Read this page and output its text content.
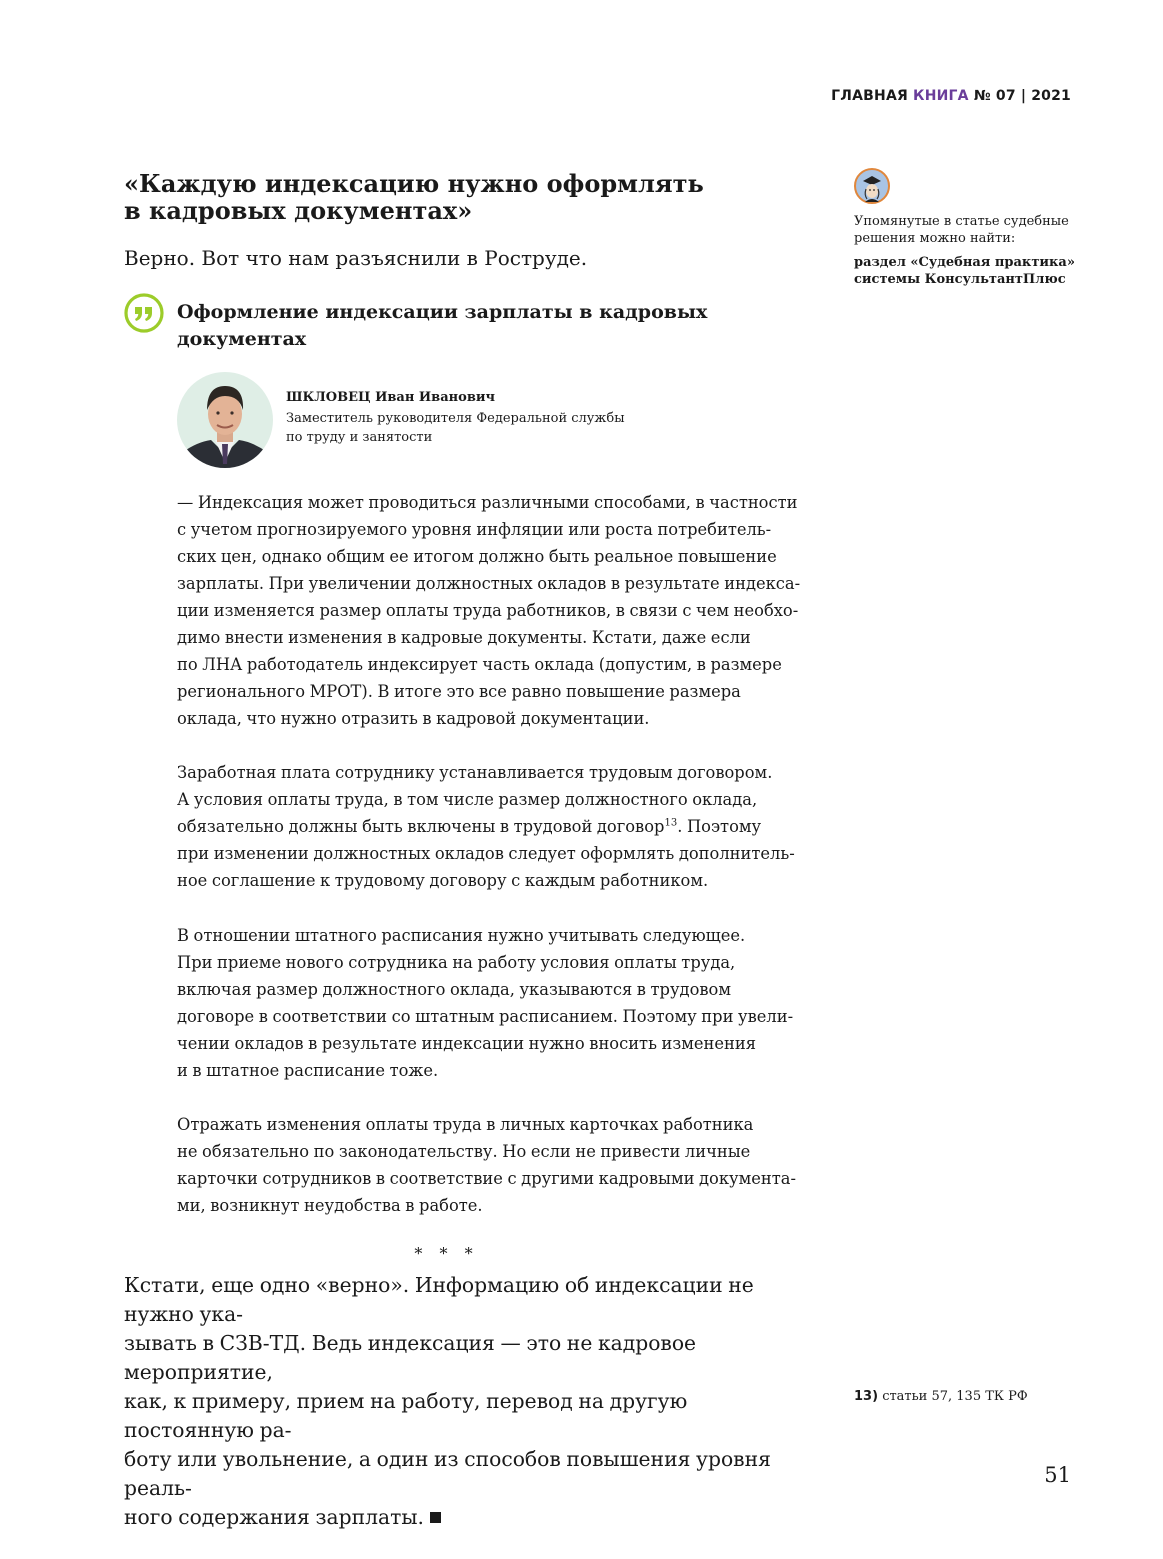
ГЛАВНАЯ КНИГА № 07 | 2021
«Каждую индексацию нужно оформлять
в кадровых документах»

Верно. Вот что нам разъяснили в Роструде.

Оформление индексации зарплаты в кадровых
документах
ШКЛОВЕЦ Иван Иванович
Заместитель руководителя Федеральной службы
по труду и занятости

— Индексация может проводиться различными способами, в частности
с учетом прогнозируемого уровня инфляции или роста потребитель-
ских цен, однако общим ее итогом должно быть реальное повышение
зарплаты. При увеличении должностных окладов в результате индекса-
ции изменяется размер оплаты труда работников, в связи с чем необхо-
димо внести изменения в кадровые документы. Кстати, даже если
по ЛНА работодатель индексирует часть оклада (допустим, в размере
регионального МРОТ). В итоге это все равно повышение размера
оклада, что нужно отразить в кадровой документации.

Заработная плата сотруднику устанавливается трудовым договором.
А условия оплаты труда, в том числе размер должностного оклада,
обязательно должны быть включены в трудовой договор$^{13}$. Поэтому
при изменении должностных окладов следует оформлять дополнитель-
ное соглашение к трудовому договору с каждым работником.

В отношении штатного расписания нужно учитывать следующее.
При приеме нового сотрудника на работу условия оплаты труда,
включая размер должностного оклада, указываются в трудовом
договоре в соответствии со штатным расписанием. Поэтому при увели-
чении окладов в результате индексации нужно вносить изменения
и в штатное расписание тоже.

Отражать изменения оплаты труда в личных карточках работника
не обязательно по законодательству. Но если не привести личные
карточки сотрудников в соответствие с другими кадровыми документа-
ми, возникнут неудобства в работе.

* * *

Кстати, еще одно «верно». Информацию об индексации не нужно ука-
зывать в СЗВ-ТД. Ведь индексация — это не кадровое мероприятие,
как, к примеру, прием на работу, перевод на другую постоянную ра-
боту или увольнение, а один из способов повышения уровня реаль-
ного содержания зарплаты.

Упомянутые в статье судебные
решения можно найти:
раздел «Судебная практика»
системы КонсультантПлюс
13) статьи 57, 135 ТК РФ
51
